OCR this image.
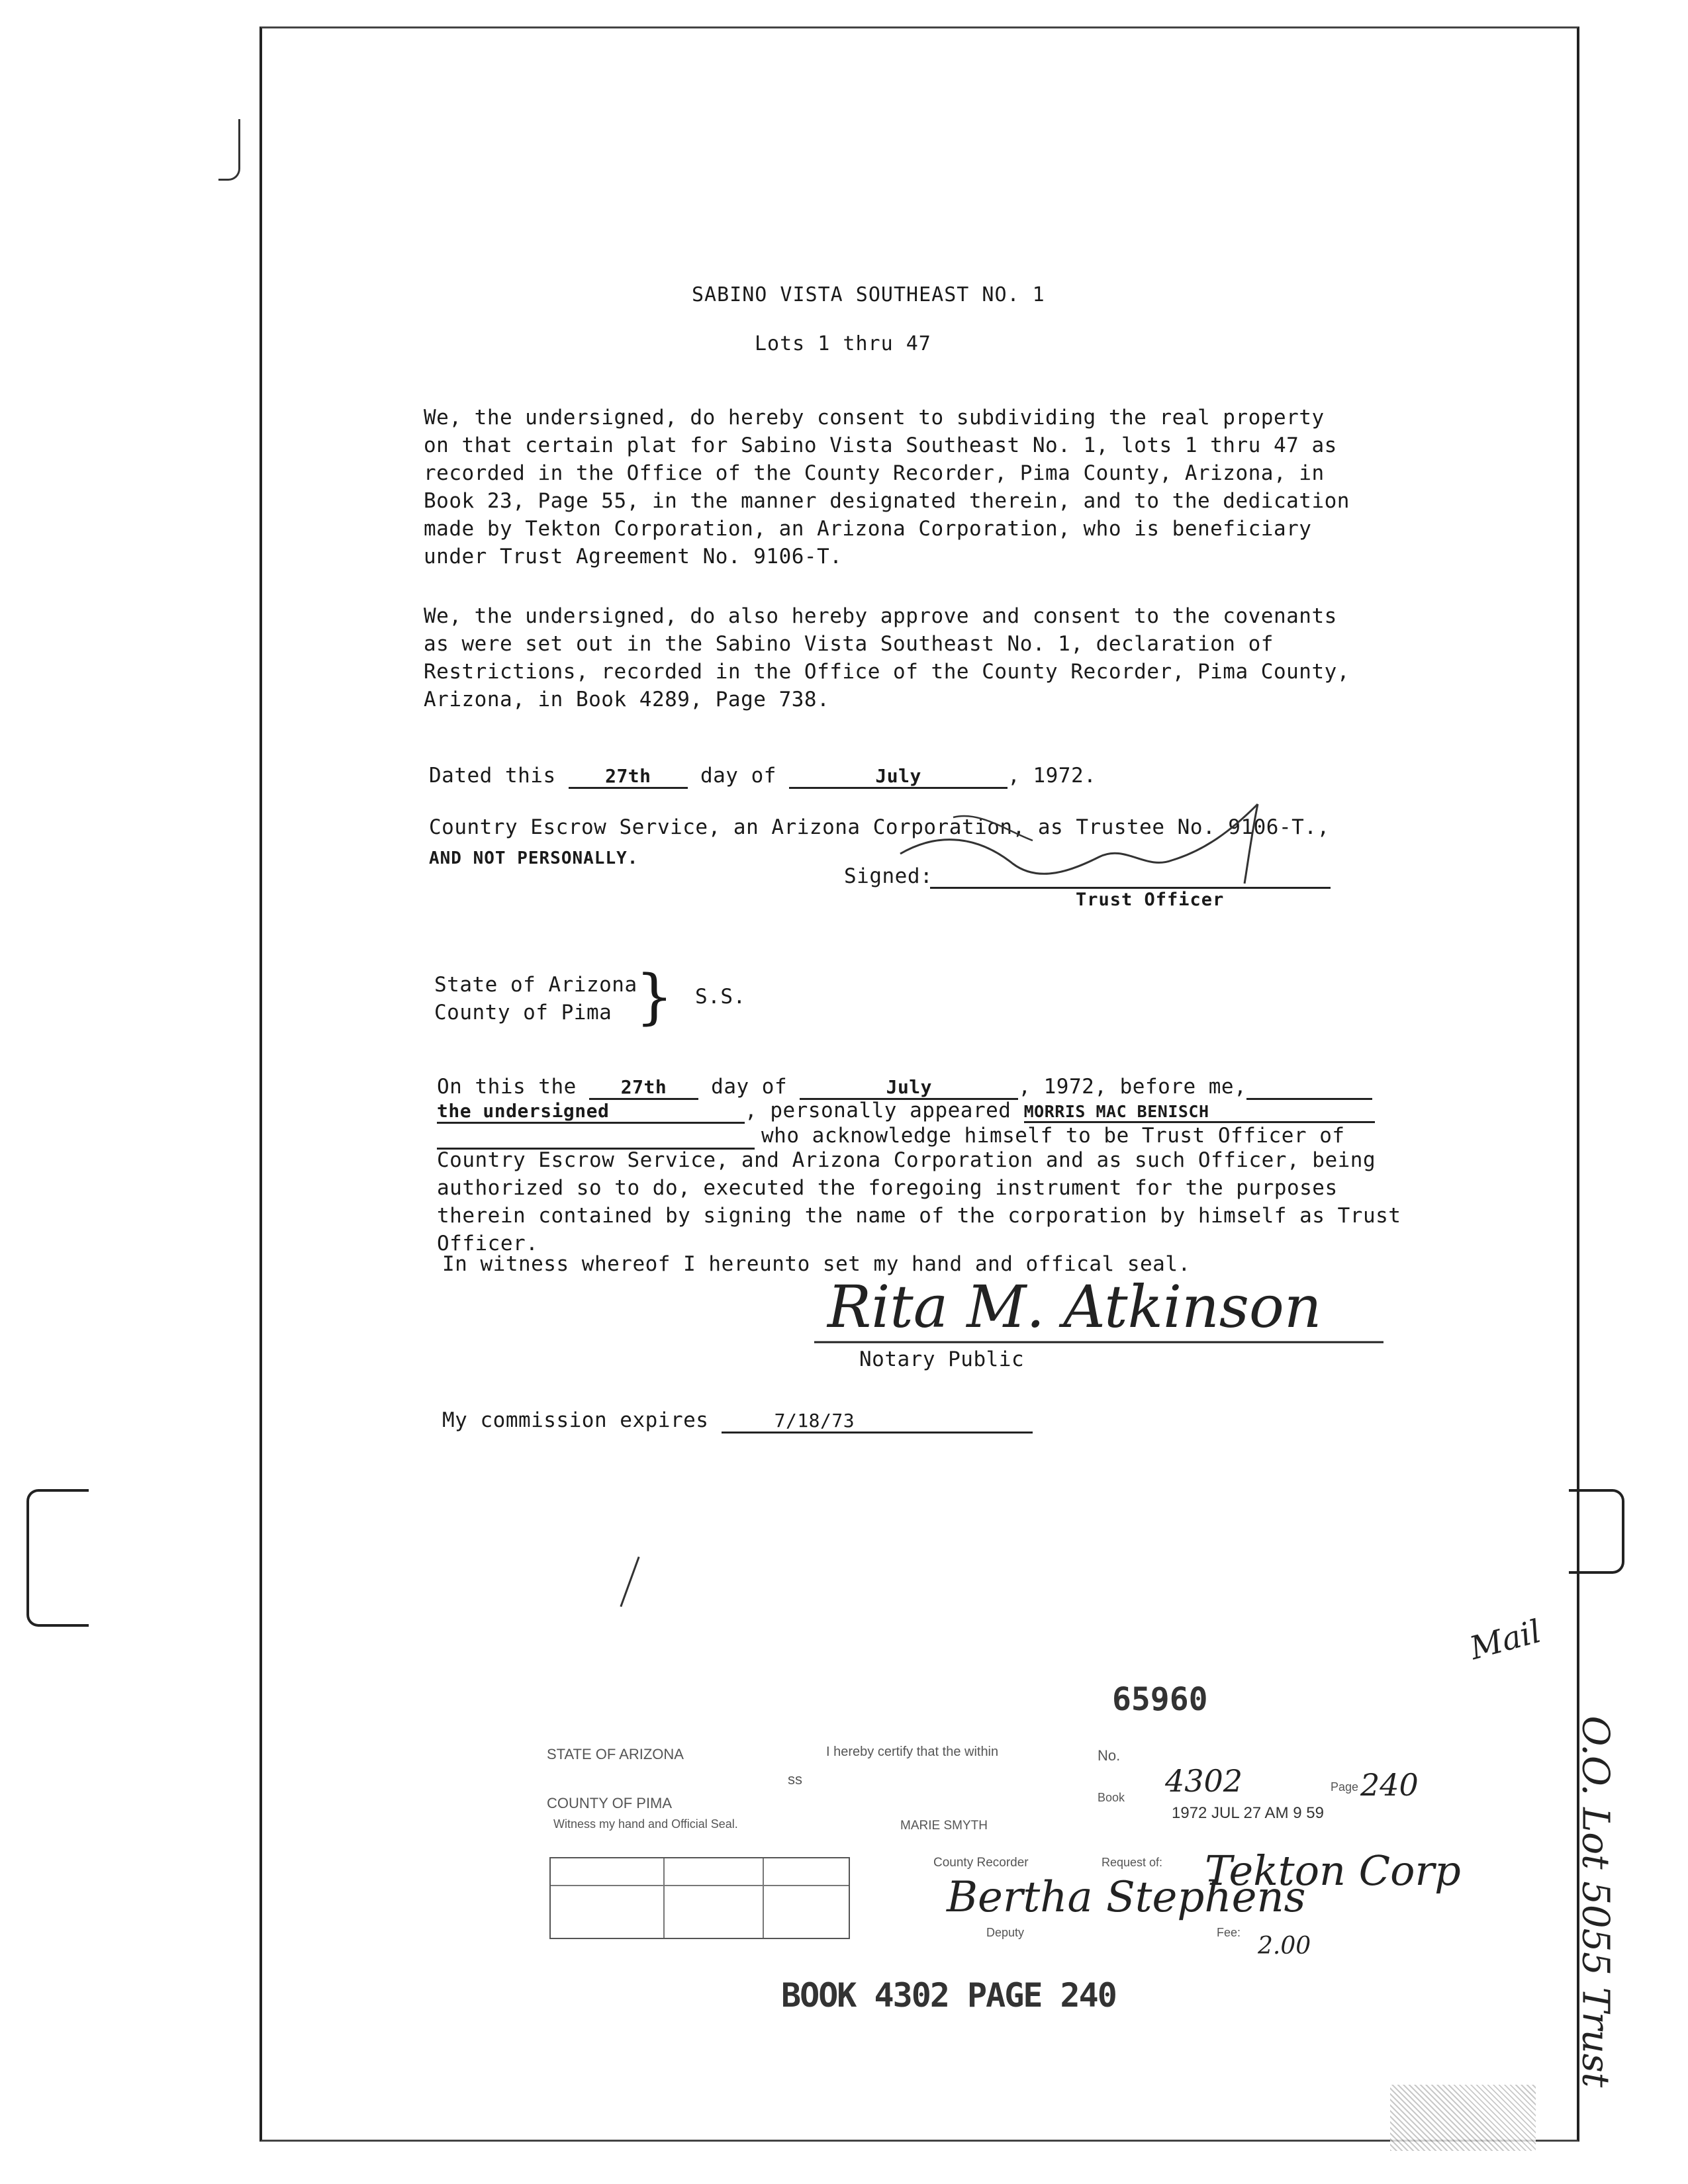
SABINO VISTA SOUTHEAST NO. 1
Lots 1 thru 47
We, the undersigned, do hereby consent to subdividing the real property on that certain plat for Sabino Vista Southeast No. 1, lots 1 thru 47 as recorded in the Office of the County Recorder, Pima County, Arizona, in Book 23, Page 55, in the manner designated therein, and to the dedication made by Tekton Corporation, an Arizona Corporation, who is beneficiary under Trust Agreement No. 9106-T.
We, the undersigned, do also hereby approve and consent to the covenants as were set out in the Sabino Vista Southeast No. 1, declaration of Restrictions, recorded in the Office of the County Recorder, Pima County, Arizona, in Book 4289, Page 738.
Dated this	27th day of	July	, 1972.
Country Escrow Service, an Arizona Corporation, as Trustee No. 9106-T.,
AND NOT PERSONALLY.
Signed:
Trust Officer
State of Arizona
County of Pima } S.S.
On this the 27th day of	July	, 1972, before me,
the undersigned	, personally appeared MORRIS MAC BENISCH
who acknowledge himself to be Trust Officer of
Country Escrow Service, and Arizona Corporation and as such Officer, being authorized so to do, executed the foregoing instrument for the purposes therein contained by signing the name of the corporation by himself as Trust Officer.
In witness whereof I hereunto set my hand and offical seal.
Rita M. Atkinson
Notary Public
My commission expires	7/18/73
65960
STATE OF ARIZONA
COUNTY OF PIMA
ss
Witness my hand and Official Seal.
I hereby certify that the within
MARIE SMYTH
County Recorder
No.
Book
1972 JUL 27 AM 9 59
Request of:
Deputy	Fee:
Page
4302	240
Tekton Corp
Bertha Stephens
2.00
BOOK 4302 PAGE 240
Mail
O.O. Lot 5055 Trust
